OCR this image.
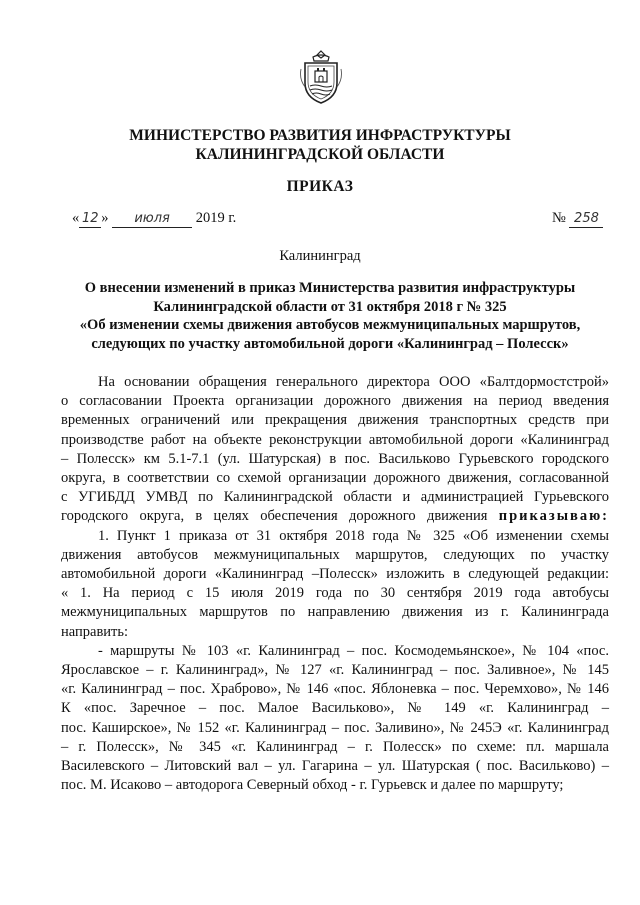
МИНИСТЕРСТВО РАЗВИТИЯ ИНФРАСТРУКТУРЫ
КАЛИНИНГРАДСКОЙ ОБЛАСТИ
ПРИКАЗ
« 12 » июля 2019 г.	№ 258
Калининград
О внесении изменений в приказ Министерства развития инфраструктуры
Калининградской области от 31 октября 2018 г № 325
«Об изменении схемы движения автобусов межмуниципальных маршрутов,
следующих по участку автомобильной дороги «Калининград – Полесск»
На основании обращения генерального директора ООО «Балтдормостстрой»
о согласовании Проекта организации дорожного движения на период введения
временных ограничений или прекращения движения транспортных средств при
производстве работ на объекте реконструкции автомобильной дороги «Калининград
– Полесск» км 5.1-7.1 (ул. Шатурская) в пос. Васильково Гурьевского городского
округа, в соответствии со схемой организации дорожного движения, согласованной
с УГИБДД УМВД по Калининградской области и администрацией Гурьевского
городского округа, в целях обеспечения дорожного движения приказываю:
1. Пункт 1 приказа от 31 октября 2018 года № 325 «Об изменении схемы
движения автобусов межмуниципальных маршрутов, следующих по участку
автомобильной дороги «Калининград –Полесск» изложить в следующей редакции:
« 1. На период с 15 июля 2019 года по 30 сентября 2019 года автобусы
межмуниципальных маршрутов по направлению движения из г. Калининграда
направить:
- маршруты № 103 «г. Калининград – пос. Космодемьянское», № 104 «пос.
Ярославское – г. Калининград», № 127 «г. Калининград – пос. Заливное», № 145
«г. Калининград – пос. Храброво», № 146 «пос. Яблоневка – пос. Черемхово», № 146
К «пос. Заречное – пос. Малое Васильково», № 149 «г. Калининград –
пос. Каширское», № 152 «г. Калининград – пос. Заливино», № 245Э «г. Калининград
– г. Полесск», № 345 «г. Калининград – г. Полесск» по схеме: пл. маршала
Василевского – Литовский вал – ул. Гагарина – ул. Шатурская ( пос. Васильково) –
пос. М. Исаково – автодорога Северный обход - г. Гурьевск и далее по маршруту;
